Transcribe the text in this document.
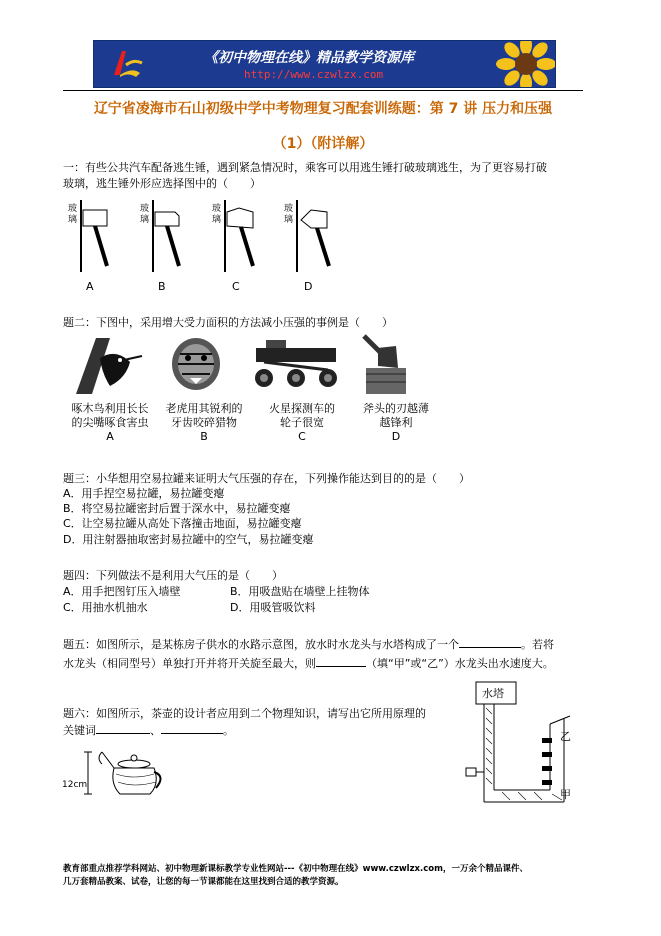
《初中物理在线》精品教学资源库
http://www.czwlzx.com
辽宁省凌海市石山初级中学中考物理复习配套训练题：第 7 讲 压力和压强
（1）（附详解）
一：有些公共汽车配备逃生锤，遇到紧急情况时，乘客可以用逃生锤打破玻璃逃生，为了更容易打破
玻璃，逃生锤外形应选择图中的（　　）
玻
璃
玻
璃
玻
璃
玻
璃
A	B	C	D
题二：下图中，采用增大受力面积的方法减小压强的事例是（　　）
啄木鸟利用长长
的尖嘴啄食害虫
A
老虎用其锐利的
牙齿咬碎猎物
B
火星探测车的
轮子很宽
C
斧头的刃越薄
越锋利
D
题三：小华想用空易拉罐来证明大气压强的存在，下列操作能达到目的的是（　　）
A．用手捏空易拉罐，易拉罐变瘪
B．将空易拉罐密封后置于深水中，易拉罐变瘪
C．让空易拉罐从高处下落撞击地面，易拉罐变瘪
D．用注射器抽取密封易拉罐中的空气，易拉罐变瘪
题四：下列做法不是利用大气压的是（　　）
A．用手把图钉压入墙壁	B．用吸盘贴在墙壁上挂物体
C．用抽水机抽水	D．用吸管吸饮料
题五：如图所示，是某栋房子供水的水路示意图，放水时水龙头与水塔构成了一个	。若将
水龙头（相同型号）单独打开并将开关旋至最大，则	（填“甲”或“乙”）水龙头出水速度大。
水塔
乙
甲
题六：如图所示，茶壶的设计者应用到二个物理知识，请写出它所用原理的
关键词	、	。
12cm
教育部重点推荐学科网站、初中物理新课标教学专业性网站---《初中物理在线》www.czwlzx.com，一万余个精品课件、
几万套精品教案、试卷，让您的每一节课都能在这里找到合适的教学资源。
